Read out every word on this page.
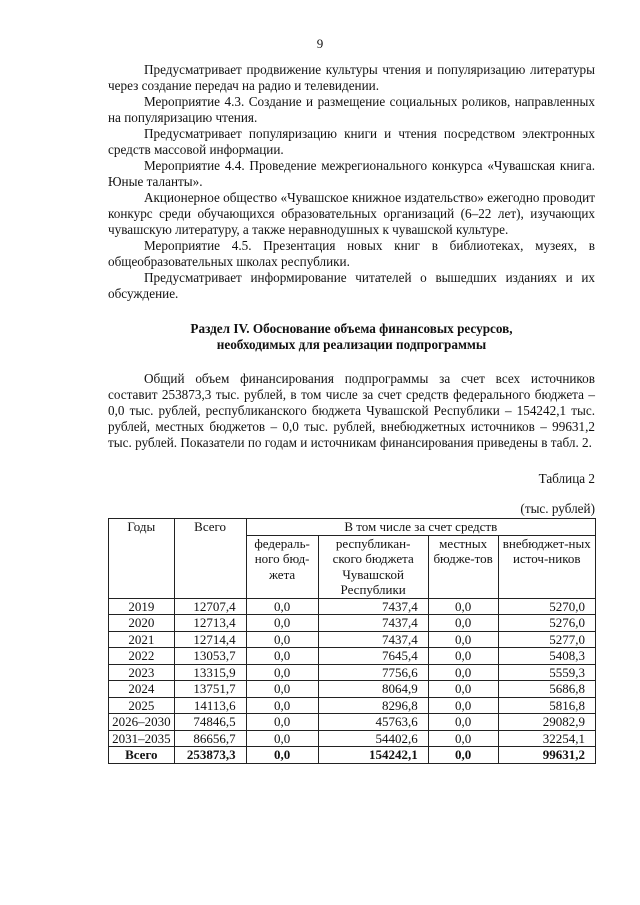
9

Предусматривает продвижение культуры чтения и популяризацию литературы через создание передач на радио и телевидении.

Мероприятие 4.3. Создание и размещение социальных роликов, направленных на популяризацию чтения.

Предусматривает популяризацию книги и чтения посредством электронных средств массовой информации.

Мероприятие 4.4. Проведение межрегионального конкурса «Чувашская книга. Юные таланты».

Акционерное общество «Чувашское книжное издательство» ежегодно проводит конкурс среди обучающихся образовательных организаций (6–22 лет), изучающих чувашскую литературу, а также неравнодушных к чувашской культуре.

Мероприятие 4.5. Презентация новых книг в библиотеках, музеях, в общеобразовательных школах республики.

Предусматривает информирование читателей о вышедших изданиях и их обсуждение.

Раздел IV. Обоснование объема финансовых ресурсов,
необходимых для реализации подпрограммы

Общий объем финансирования подпрограммы за счет всех источников составит 253873,3 тыс. рублей, в том числе за счет средств федерального бюджета – 0,0 тыс. рублей, республиканского бюджета Чувашской Республики – 154242,1 тыс. рублей, местных бюджетов – 0,0 тыс. рублей, внебюджетных источников – 99631,2 тыс. рублей. Показатели по годам и источникам финансирования приведены в табл. 2.

Таблица 2
(тыс. рублей)
Годы	Всего	В том числе за счет средств			
		федераль-ного бюд-жета	республикан-ского бюджета Чувашской Республики	местных бюдже-тов	внебюджет-ных источ-ников
2019	12707,4	0,0	7437,4	0,0	5270,0
2020	12713,4	0,0	7437,4	0,0	5276,0
2021	12714,4	0,0	7437,4	0,0	5277,0
2022	13053,7	0,0	7645,4	0,0	5408,3
2023	13315,9	0,0	7756,6	0,0	5559,3
2024	13751,7	0,0	8064,9	0,0	5686,8
2025	14113,6	0,0	8296,8	0,0	5816,8
2026–2030	74846,5	0,0	45763,6	0,0	29082,9
2031–2035	86656,7	0,0	54402,6	0,0	32254,1
Всего	253873,3	0,0	154242,1	0,0	99631,2
